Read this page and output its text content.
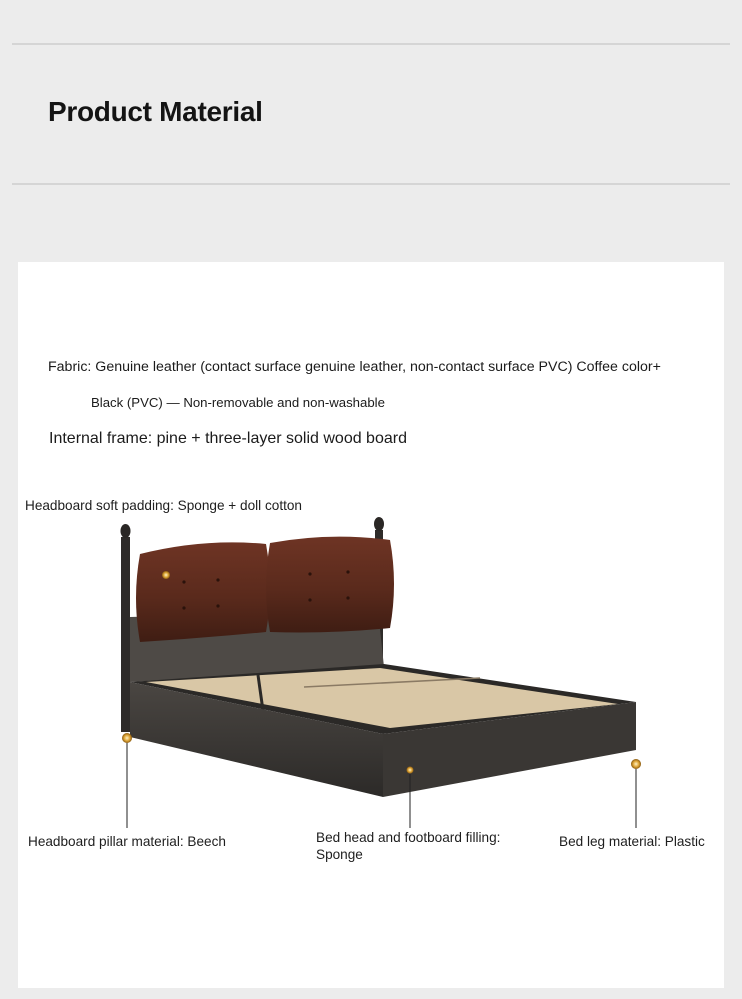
Product Material
Fabric: Genuine leather (contact surface genuine leather, non-contact surface PVC) Coffee color+
Black (PVC) — Non-removable and non-washable
Internal frame: pine + three-layer solid wood board
Headboard soft padding: Sponge + doll cotton
Headboard pillar material: Beech	Bed head and footboard filling:
Sponge
Bed leg material: Plastic
